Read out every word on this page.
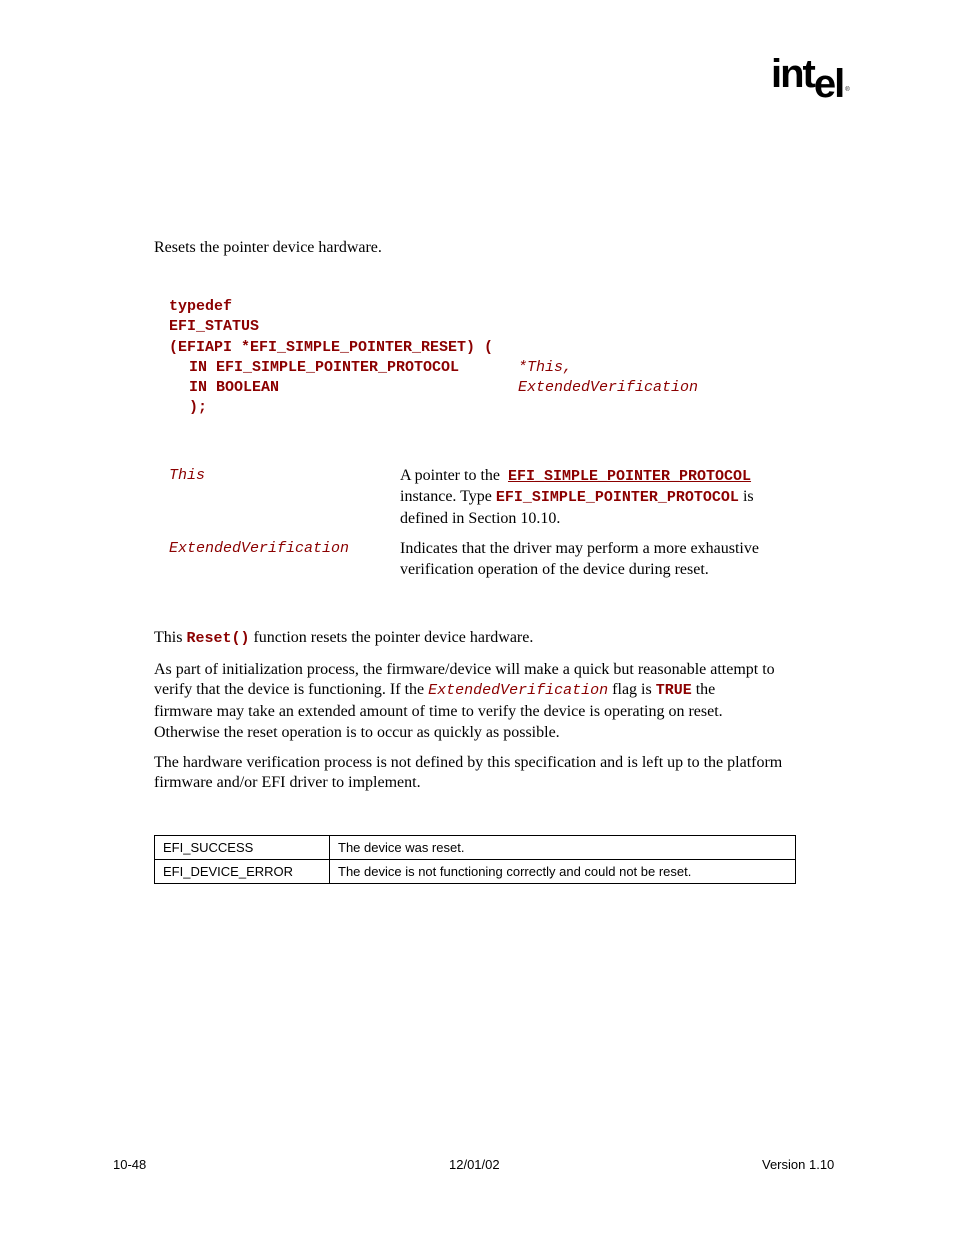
intel ®
Resets the pointer device hardware.
typedef
EFI_STATUS
(EFIAPI *EFI_SIMPLE_POINTER_RESET) (
IN EFI_SIMPLE_POINTER_PROTOCOL	*This,
IN BOOLEAN	ExtendedVerification
);
This	A pointer to the EFI_SIMPLE_POINTER_PROTOCOL
instance. Type EFI_SIMPLE_POINTER_PROTOCOL is
defined in Section 10.10.
ExtendedVerification	Indicates that the driver may perform a more exhaustive
verification operation of the device during reset.
This Reset() function resets the pointer device hardware.
As part of initialization process, the firmware/device will make a quick but reasonable attempt to
verify that the device is functioning. If the ExtendedVerification flag is TRUE the
firmware may take an extended amount of time to verify the device is operating on reset.
Otherwise the reset operation is to occur as quickly as possible.
The hardware verification process is not defined by this specification and is left up to the platform
firmware and/or EFI driver to implement.
EFI_SUCCESS	The device was reset.
EFI_DEVICE_ERROR	The device is not functioning correctly and could not be reset.
10-48	12/01/02	Version 1.10
